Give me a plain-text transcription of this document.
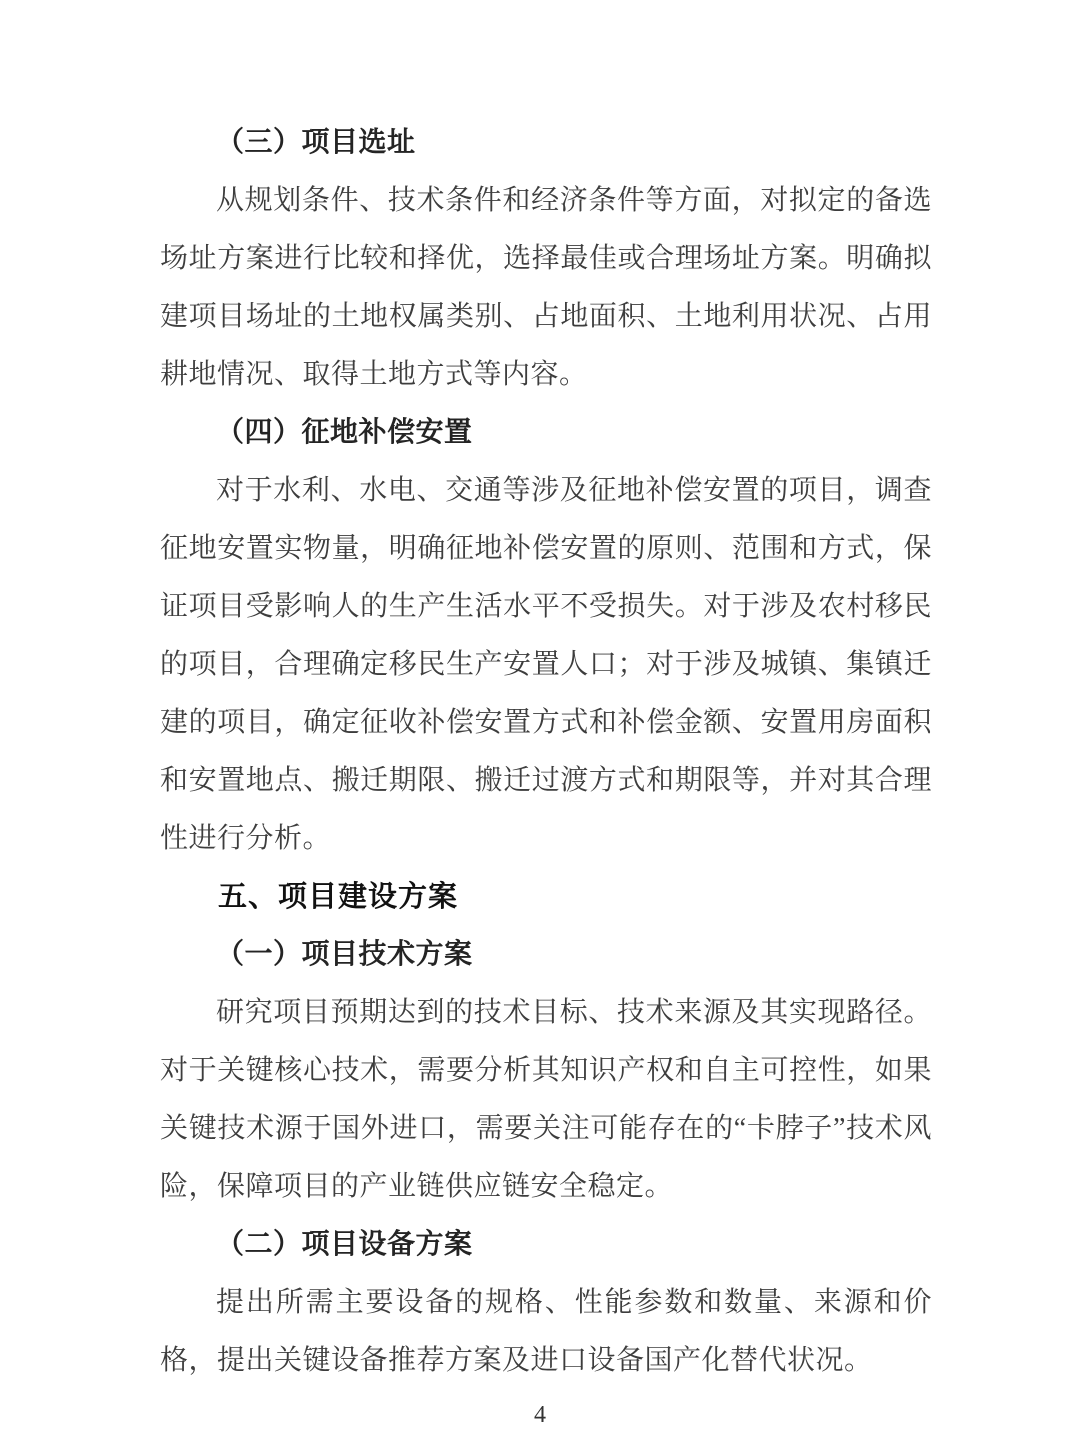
（三）项目选址

从规划条件、技术条件和经济条件等方面，对拟定的备选场址方案进行比较和择优，选择最佳或合理场址方案。明确拟建项目场址的土地权属类别、占地面积、土地利用状况、占用耕地情况、取得土地方式等内容。

（四）征地补偿安置

对于水利、水电、交通等涉及征地补偿安置的项目，调查征地安置实物量，明确征地补偿安置的原则、范围和方式，保证项目受影响人的生产生活水平不受损失。对于涉及农村移民的项目，合理确定移民生产安置人口；对于涉及城镇、集镇迁建的项目，确定征收补偿安置方式和补偿金额、安置用房面积和安置地点、搬迁期限、搬迁过渡方式和期限等，并对其合理性进行分析。

五、项目建设方案
（一）项目技术方案

研究项目预期达到的技术目标、技术来源及其实现路径。对于关键核心技术，需要分析其知识产权和自主可控性，如果关键技术源于国外进口，需要关注可能存在的“卡脖子”技术风险，保障项目的产业链供应链安全稳定。

（二）项目设备方案

提出所需主要设备的规格、性能参数和数量、来源和价格，提出关键设备推荐方案及进口设备国产化替代状况。

4
